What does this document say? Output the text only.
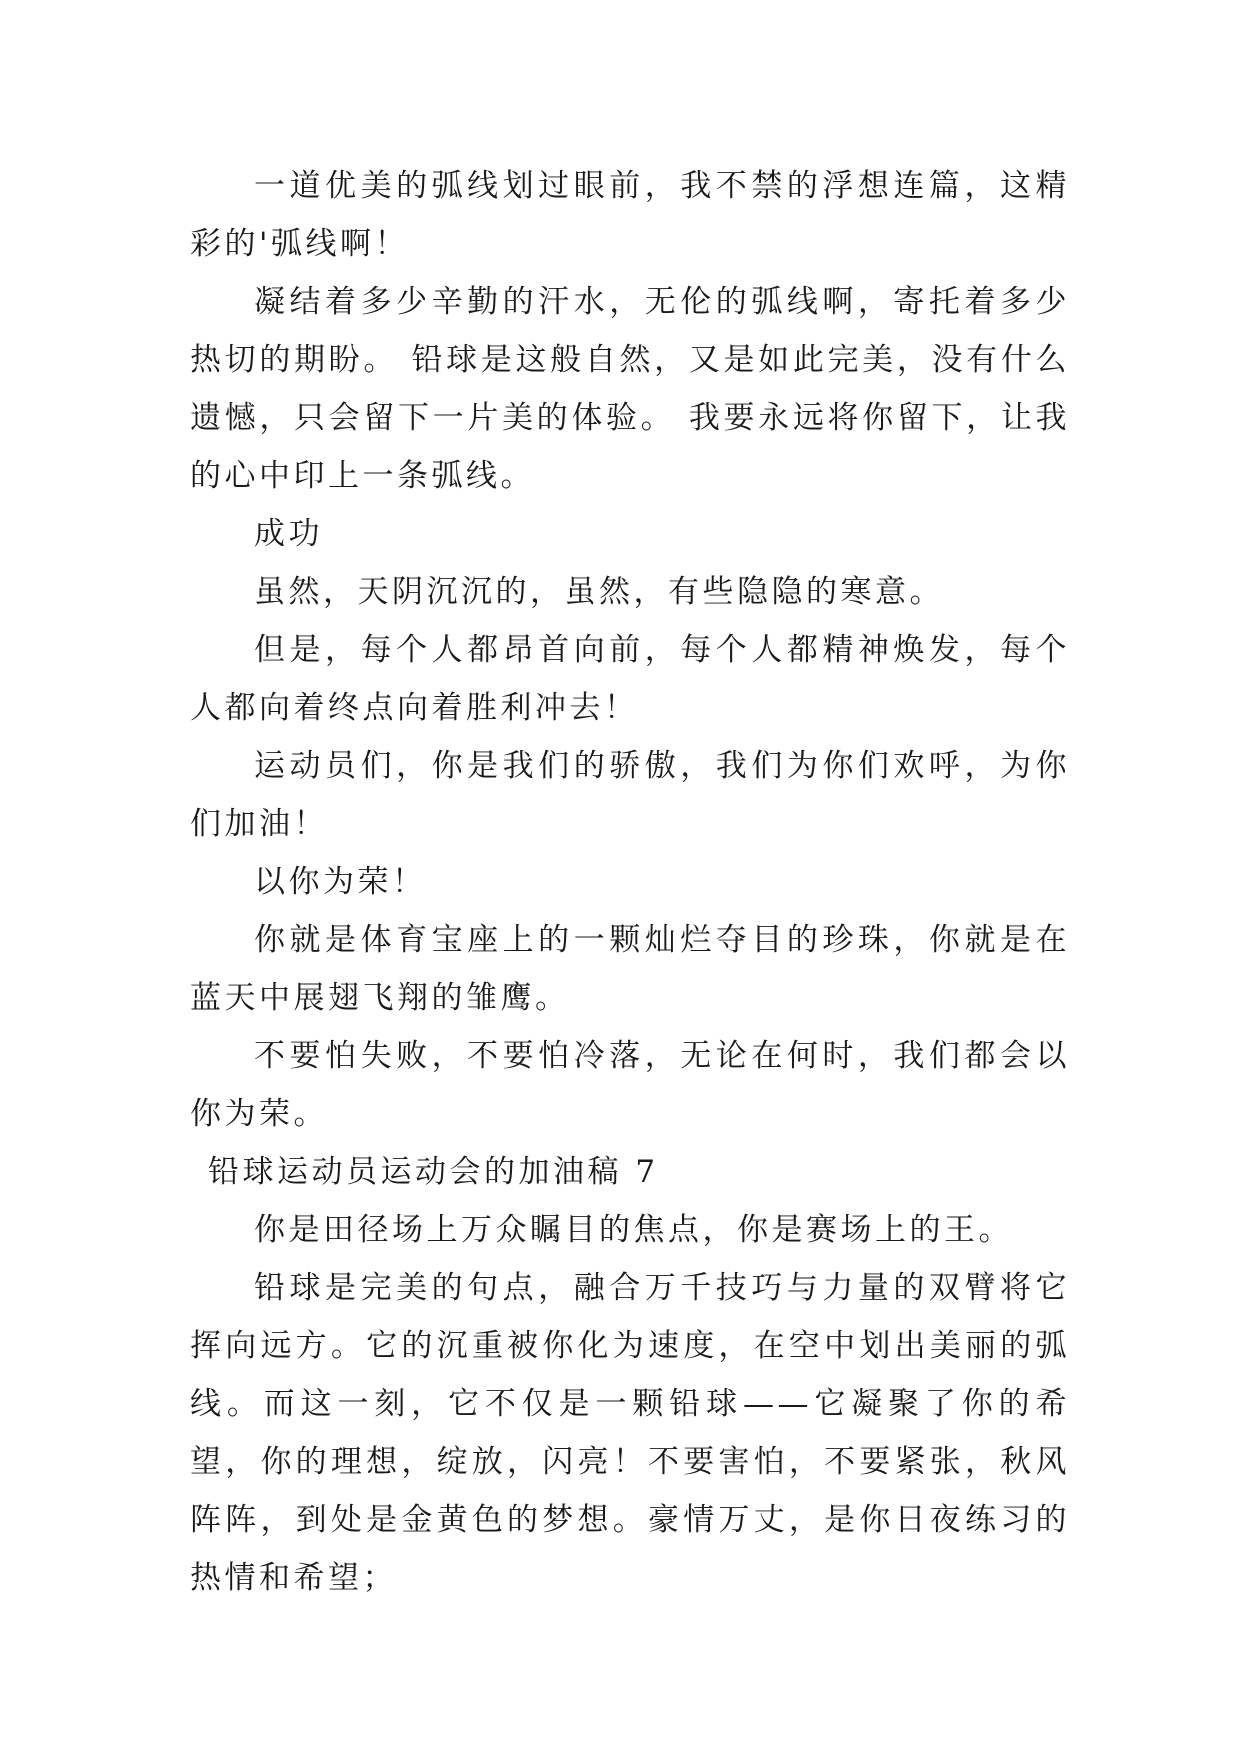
一道优美的弧线划过眼前，我不禁的浮想连篇，这精彩的'弧线啊！

凝结着多少辛勤的汗水，无伦的弧线啊，寄托着多少热切的期盼。 铅球是这般自然，又是如此完美，没有什么遗憾，只会留下一片美的体验。 我要永远将你留下，让我的心中印上一条弧线。

成功

虽然，天阴沉沉的，虽然，有些隐隐的寒意。

但是，每个人都昂首向前，每个人都精神焕发，每个人都向着终点向着胜利冲去！

运动员们，你是我们的骄傲，我们为你们欢呼，为你们加油！

以你为荣！

你就是体育宝座上的一颗灿烂夺目的珍珠，你就是在蓝天中展翅飞翔的雏鹰。

不要怕失败，不要怕冷落，无论在何时，我们都会以你为荣。

铅球运动员运动会的加油稿 7

你是田径场上万众瞩目的焦点，你是赛场上的王。

铅球是完美的句点，融合万千技巧与力量的双臂将它挥向远方。它的沉重被你化为速度，在空中划出美丽的弧线。而这一刻，它不仅是一颗铅球——它凝聚了你的希望，你的理想，绽放，闪亮！不要害怕，不要紧张，秋风阵阵，到处是金黄色的梦想。豪情万丈，是你日夜练习的热情和希望；
